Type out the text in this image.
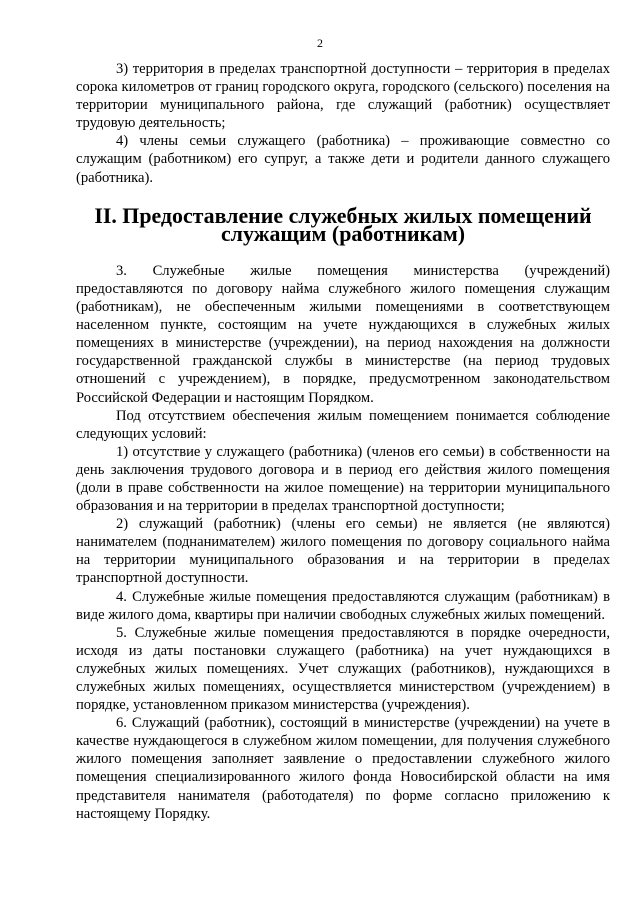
2

3) территория в пределах транспортной доступности – территория в пределах сорока километров от границ городского округа, городского (сельского) поселения на территории муниципального района, где служащий (работник) осуществляет трудовую деятельность;

4) члены семьи служащего (работника) – проживающие совместно со служащим (работником) его супруг, а также дети и родители данного служащего (работника).

II. Предоставление служебных жилых помещений
служащим (работникам)

3. Служебные жилые помещения министерства (учреждений) предоставляются по договору найма служебного жилого помещения служащим (работникам), не обеспеченным жилыми помещениями в соответствующем населенном пункте, состоящим на учете нуждающихся в служебных жилых помещениях в министерстве (учреждении), на период нахождения на должности государственной гражданской службы в министерстве (на период трудовых отношений с учреждением), в порядке, предусмотренном законодательством Российской Федерации и настоящим Порядком.

Под отсутствием обеспечения жилым помещением понимается соблюдение следующих условий:

1) отсутствие у служащего (работника) (членов его семьи) в собственности на день заключения трудового договора и в период его действия жилого помещения (доли в праве собственности на жилое помещение) на территории муниципального образования и на территории в пределах транспортной доступности;

2) служащий (работник) (члены его семьи) не является (не являются) нанимателем (поднанимателем) жилого помещения по договору социального найма на территории муниципального образования и на территории в пределах транспортной доступности.

4. Служебные жилые помещения предоставляются служащим (работникам) в виде жилого дома, квартиры при наличии свободных служебных жилых помещений.

5. Служебные жилые помещения предоставляются в порядке очередности, исходя из даты постановки служащего (работника) на учет нуждающихся в служебных жилых помещениях. Учет служащих (работников), нуждающихся в служебных жилых помещениях, осуществляется министерством (учреждением) в порядке, установленном приказом министерства (учреждения).

6. Служащий (работник), состоящий в министерстве (учреждении) на учете в качестве нуждающегося в служебном жилом помещении, для получения служебного жилого помещения заполняет заявление о предоставлении служебного жилого помещения специализированного жилого фонда Новосибирской области на имя представителя нанимателя (работодателя) по форме согласно приложению к настоящему Порядку.
